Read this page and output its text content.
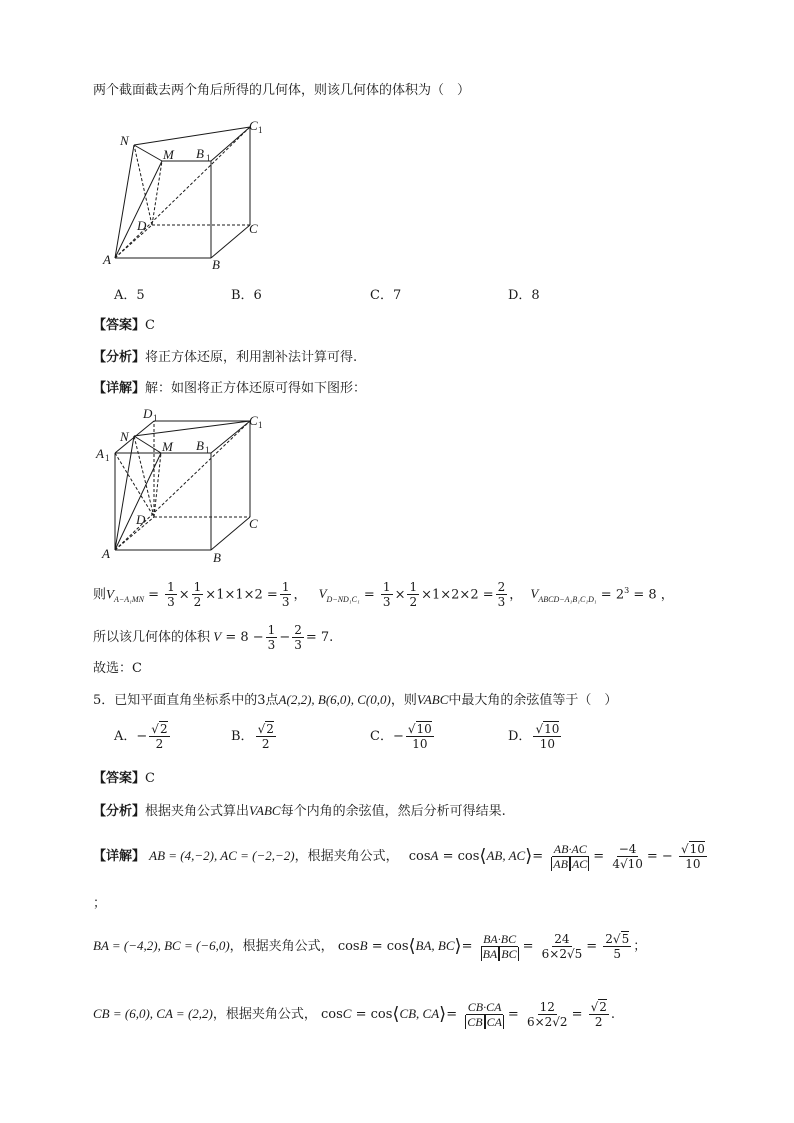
两个截面截去两个角后所得的几何体，则该几何体的体积为（　）
N
M B 1
C 1
C
D
A	B
A．5	B．6	C．7	D．8
【答案】C
【分析】将正方体还原，利用割补法计算可得.
【详解】解：如图将正方体还原可得如下图形：
D 1	C 1
N
A 1
M B 1
C
D
A	B
则$V_{A-A_1MN} = \frac{1}{3} \times \frac{1}{2} \times 1\times 1\times 2 = \frac{1}{3}$ ， $V_{D-ND_1C_1} = \frac{1}{3} \times \frac{1}{2} \times 1\times 2\times 2 = \frac{2}{3}$ ， $V_{ABCD-A_1B_1C_1D_1} = 2^3 = 8$ ，
所以该几何体的体积 $V = 8 - \frac{1}{3} - \frac{2}{3} = 7$.
故选：C
5．已知平面直角坐标系中的3点A(2,2), B(6,0), C(0,0)，则VABC中最大角的余弦值等于（　）
A．− $\frac{√2}{2}$	B． $\frac{√2}{2}$	C．− $\frac{√10}{10}$	D． $\frac{√10}{10}$
【答案】C
【分析】根据夹角公式算出VABC每个内角的余弦值，然后分析可得结果.
【详解】 AB = (4,−2), AC = (−2,−2)，根据夹角公式， cosA = cos⟨AB, AC⟩= $\frac{AB\cdot AC}{\text{AB AC}} = \frac{-4}{4√10}$ = − $\frac{√10}{10}$
；
BA = (−4,2), BC = (−6,0)，根据夹角公式， cosB = cos⟨BA, BC⟩= $\frac{BA\cdot BC}{\text{BA BC}} = \frac{24}{6\times 2√5} = \frac{2√5}{5}$ ；
CB = (6,0), CA = (2,2)，根据夹角公式， cosC = cos⟨CB, CA⟩= $\frac{CB\cdot CA}{\text{CB CA}} = \frac{12}{6\times 2√2} = \frac{√2}{2}$ .
